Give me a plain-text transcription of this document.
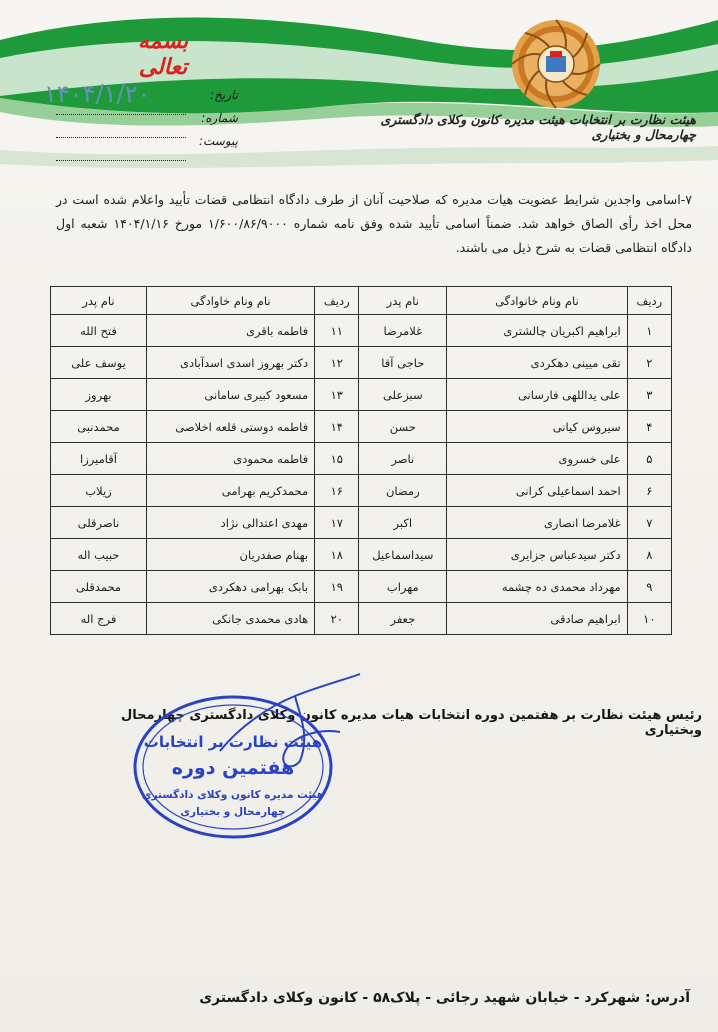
بسمه تعالی
۱۴۰۴/۱/۲۰	تاریخ:
شماره:
پیوست:
هیئت نظارت بر انتخابات هیئت مدیره کانون وکلای دادگستری چهارمحال و بختیاری
۷-اسامی واجدین شرایط عضویت هیات مدیره که صلاحیت آنان از طرف دادگاه انتظامی قضات تأیید واعلام شده است در محل اخذ رأی الصاق خواهد شد. ضمناً اسامی تأیید شده وفق نامه شماره ۱/۶۰۰/۸۶/۹۰۰۰ مورخ ۱۴۰۴/۱/۱۶ شعبه اول دادگاه انتظامی قضات به شرح ذیل می باشند.
ردیف	نام ونام خانوادگی	نام پدر	ردیف	نام ونام خاوادگی	نام پدر
۱	ابراهیم اکبریان چالشتری	غلامرضا	۱۱	فاطمه باقری	فتح الله
۲	تقی میینی دهکردی	حاجی آقا	۱۲	دکتر بهروز اسدی اسدآبادی	یوسف علی
۳	علی یداللهی فارسانی	سبزعلی	۱۳	مسعود کبیری سامانی	بهروز
۴	سیروس کیانی	حسن	۱۴	فاطمه دوستی قلعه اخلاصی	محمدنبی
۵	علی خسروی	ناصر	۱۵	فاطمه محمودی	آقامیرزا
۶	احمد اسماعیلی کرانی	رمضان	۱۶	محمدکریم بهرامی	زیلاب
۷	غلامرضا انصاری	اکبر	۱۷	مهدی اعتدالی نژاد	ناصرقلی
۸	دکتر سیدعباس جزایری	سیداسماعیل	۱۸	بهنام صفدریان	حبیب اله
۹	مهرداد محمدی ده چشمه	مهراب	۱۹	بابک بهرامی دهکردی	محمدقلی
۱۰	ابراهیم صادقی	جعفر	۲۰	هادی محمدی جانکی	فرج اله
رئیس هیئت نظارت بر هفتمین دوره انتخابات هیات مدیره کانون وکلای دادگستری چهارمحال وبختیاری
هیئت نظارت بر انتخابات
هفتمین دوره
هیئت مدیره کانون وکلای دادگستری
چهارمحال و بختیاری
آدرس: شهرکرد - خیابان شهید رجائی - پلاک۵۸ - کانون وکلای دادگستری
